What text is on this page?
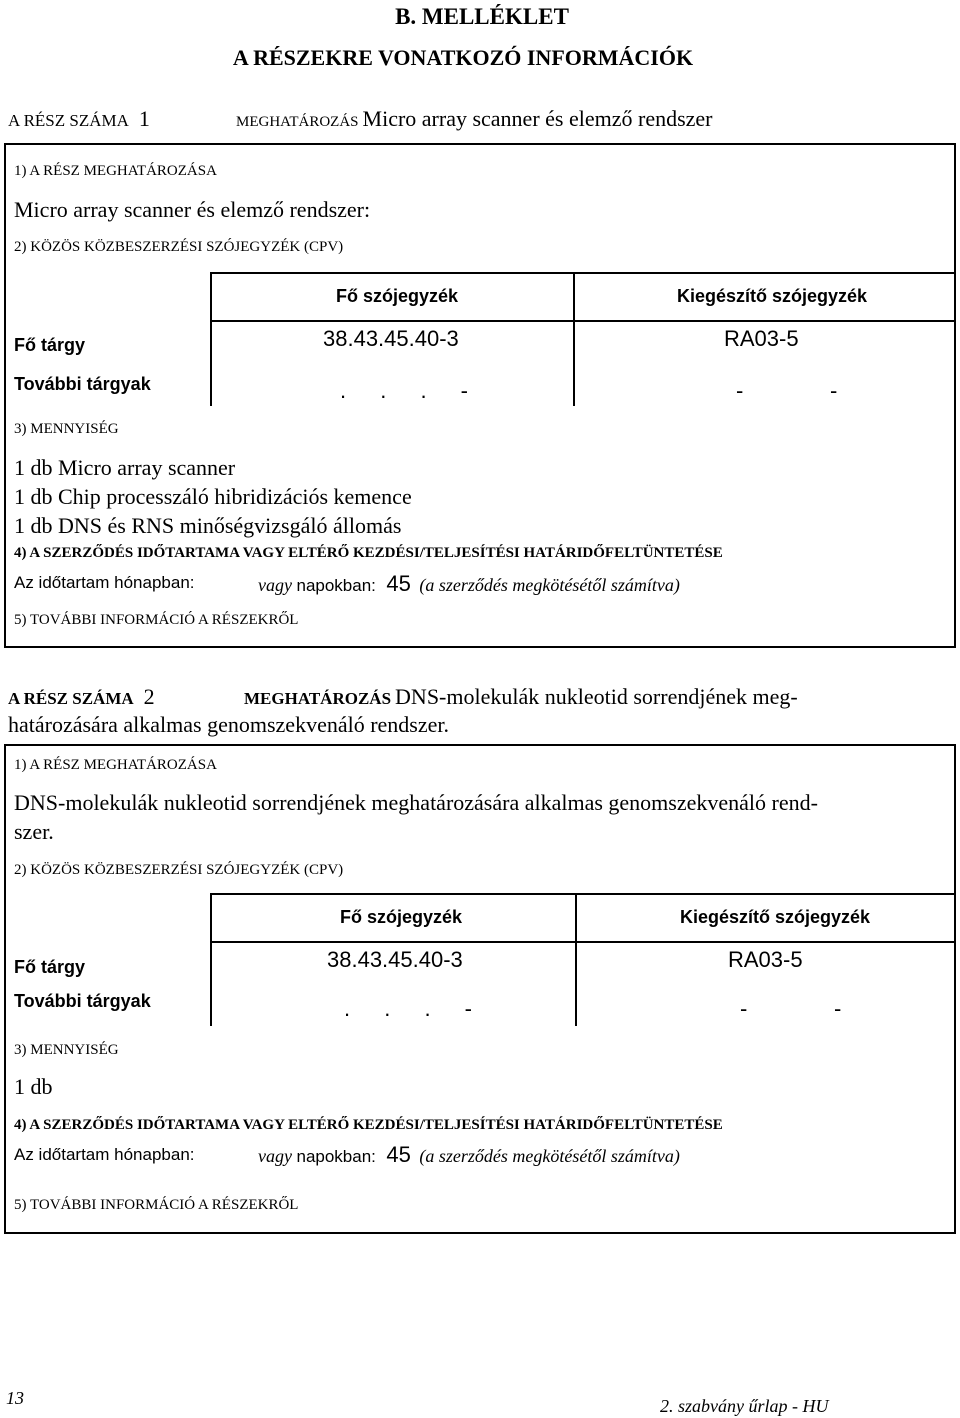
B. MELLÉKLET
A RÉSZEKRE VONATKOZÓ INFORMÁCIÓK
A RÉSZ SZÁMA 1	MEGHATÁROZÁS Micro array scanner és elemző rendszer
1) A RÉSZ MEGHATÁROZÁSA
Micro array scanner és elemző rendszer:
2) KÖZÖS KÖZBESZERZÉSI SZÓJEGYZÉK (CPV)
Fő szójegyzék	Kiegészítő szójegyzék
Fő tárgy	38.43.45.40-3	RA03-5
További tárgyak	. . . -	-	-
3) MENNYISÉG
1 db Micro array scanner
1 db Chip processzáló hibridizációs kemence
1 db DNS és RNS minőségvizsgáló állomás
4) A SZERZŐDÉS IDŐTARTAMA VAGY ELTÉRŐ KEZDÉSI/TELJESÍTÉSI HATÁRIDŐFELTÜNTETÉSE
Az időtartam hónapban:	vagy napokban: 45 (a szerződés megkötésétől számítva)
5) TOVÁBBI INFORMÁCIÓ A RÉSZEKRŐL
A RÉSZ SZÁMA 2	MEGHATÁROZÁS DNS-molekulák nukleotid sorrendjének meg-
határozására alkalmas genomszekvenáló rendszer.
1) A RÉSZ MEGHATÁROZÁSA
DNS-molekulák nukleotid sorrendjének meghatározására alkalmas genomszekvenáló rend-
szer.
2) KÖZÖS KÖZBESZERZÉSI SZÓJEGYZÉK (CPV)
Fő szójegyzék	Kiegészítő szójegyzék
Fő tárgy	38.43.45.40-3	RA03-5
További tárgyak	. . . -	-	-
3) MENNYISÉG
1 db
4) A SZERZŐDÉS IDŐTARTAMA VAGY ELTÉRŐ KEZDÉSI/TELJESÍTÉSI HATÁRIDŐFELTÜNTETÉSE
Az időtartam hónapban:	vagy napokban: 45 (a szerződés megkötésétől számítva)
5) TOVÁBBI INFORMÁCIÓ A RÉSZEKRŐL
13	2. szabvány űrlap - HU
